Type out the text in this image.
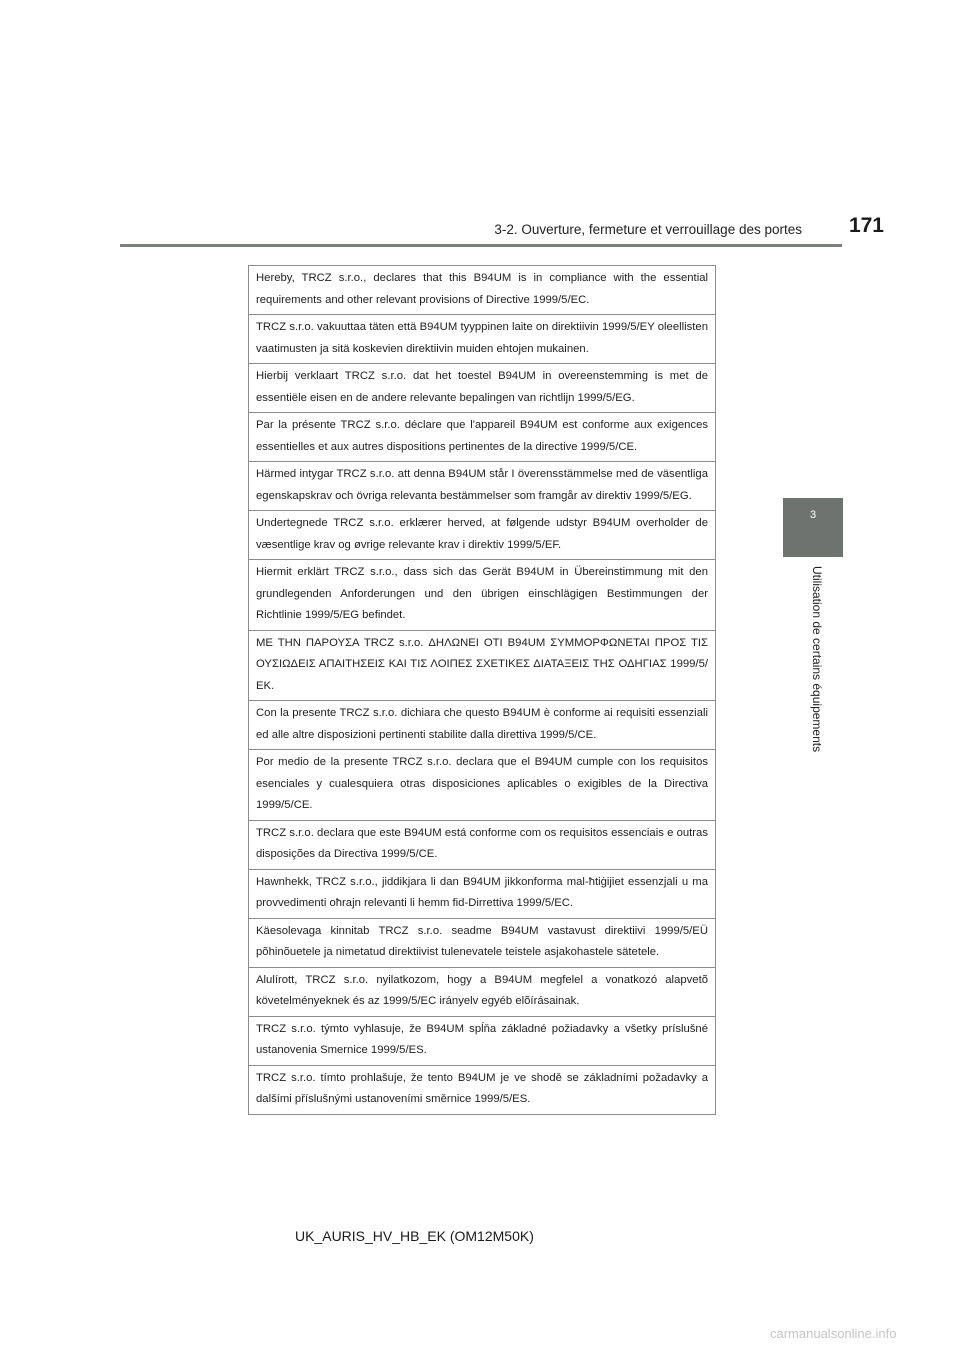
3-2. Ouverture, fermeture et verrouillage des portes	171
3
Utilisation de certains équipements
Hereby, TRCZ s.r.o., declares that this B94UM is in compliance with the essential requirements and other relevant provisions of Directive 1999/5/EC.
TRCZ s.r.o. vakuuttaa täten että B94UM tyyppinen laite on direktiivin 1999/5/EY oleellisten vaatimusten ja sitä koskevien direktiivin muiden ehtojen mukainen.
Hierbij verklaart TRCZ s.r.o. dat het toestel B94UM in overeenstemming is met de essentiële eisen en de andere relevante bepalingen van richtlijn 1999/5/EG.
Par la présente TRCZ s.r.o. déclare que l'appareil B94UM est conforme aux exigences essentielles et aux autres dispositions pertinentes de la directive 1999/5/CE.
Härmed intygar TRCZ s.r.o. att denna B94UM står I överensstämmelse med de väsentliga egenskapskrav och övriga relevanta bestämmelser som framgår av direktiv 1999/5/EG.
Undertegnede TRCZ s.r.o. erklærer herved, at følgende udstyr B94UM overholder de væsentlige krav og øvrige relevante krav i direktiv 1999/5/EF.
Hiermit erklärt TRCZ s.r.o., dass sich das Gerät B94UM in Übereinstimmung mit den grundlegenden Anforderungen und den übrigen einschlägigen Bestimmungen der Richtlinie 1999/5/EG befindet.
ΜΕ ΤΗΝ ΠΑΡΟΥΣΑ TRCZ s.r.o. ΔΗΛΩΝΕΙ ΟΤΙ B94UM ΣΥΜΜΟΡΦΩΝΕΤΑΙ ΠΡΟΣ ΤΙΣ ΟΥΣΙΩΔΕΙΣ ΑΠΑΙΤΗΣΕΙΣ ΚΑΙ ΤΙΣ ΛΟΙΠΕΣ ΣΧΕΤΙΚΕΣ ΔΙΑΤΑΞΕΙΣ ΤΗΣ ΟΔΗΓΙΑΣ 1999/5/ΕΚ.
Con la presente TRCZ s.r.o. dichiara che questo B94UM è conforme ai requisiti essenziali ed alle altre disposizioni pertinenti stabilite dalla direttiva 1999/5/CE.
Por medio de la presente TRCZ s.r.o. declara que el B94UM cumple con los requisitos esenciales y cualesquiera otras disposiciones aplicables o exigibles de la Directiva 1999/5/CE.
TRCZ s.r.o. declara que este B94UM está conforme com os requisitos essenciais e outras disposições da Directiva 1999/5/CE.
Hawnhekk, TRCZ s.r.o., jiddikjara li dan B94UM jikkonforma mal-ħtiġijiet essenzjali u ma provvedimenti oħrajn relevanti li hemm fid-Dirrettiva 1999/5/EC.
Käesolevaga kinnitab TRCZ s.r.o. seadme B94UM vastavust direktiivi 1999/5/EÜ põhinõuetele ja nimetatud direktiivist tulenevatele teistele asjakohastele sätetele.
Alulírott, TRCZ s.r.o. nyilatkozom, hogy a B94UM megfelel a vonatkozó alapvetõ követelményeknek és az 1999/5/EC irányelv egyéb elõírásainak.
TRCZ s.r.o. týmto vyhlasuje, že B94UM spĺňa základné požiadavky a všetky príslušné ustanovenia Smernice 1999/5/ES.
TRCZ s.r.o. tímto prohlašuje, že tento B94UM je ve shodě se základními požadavky a dalšími příslušnými ustanoveními směrnice 1999/5/ES.
UK_AURIS_HV_HB_EK (OM12M50K)
carmanualsonline.info
